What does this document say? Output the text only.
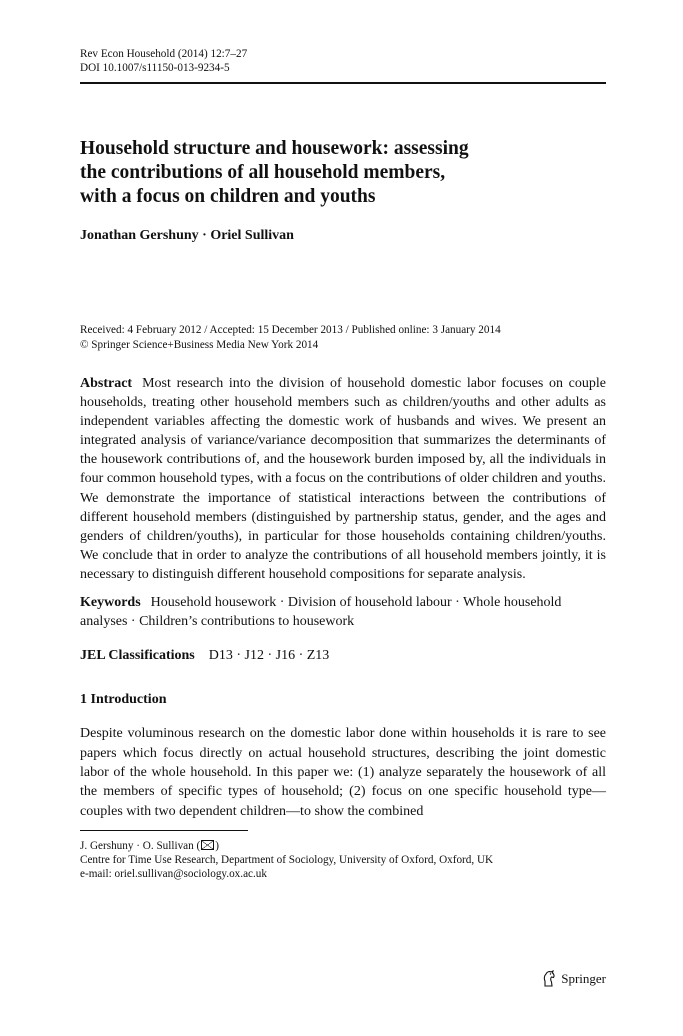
Rev Econ Household (2014) 12:7–27
DOI 10.1007/s11150-013-9234-5
Household structure and housework: assessing
the contributions of all household members,
with a focus on children and youths
Jonathan Gershuny · Oriel Sullivan
Received: 4 February 2012 / Accepted: 15 December 2013 / Published online: 3 January 2014
© Springer Science+Business Media New York 2014
Abstract Most research into the division of household domestic labor focuses on couple households, treating other household members such as children/youths and other adults as independent variables affecting the domestic work of husbands and wives. We present an integrated analysis of variance/variance decomposition that summarizes the determinants of the housework contributions of, and the housework burden imposed by, all the individuals in four common household types, with a focus on the contributions of older children and youths. We demonstrate the importance of statistical interactions between the contributions of different household members (distinguished by partnership status, gender, and the ages and genders of children/youths), in particular for those households containing children/youths. We conclude that in order to analyze the contributions of all household members jointly, it is necessary to distinguish different household compositions for separate analysis.
Keywords Household housework · Division of household labour · Whole household analyses · Children’s contributions to housework
JEL Classifications D13 · J12 · J16 · Z13
1 Introduction
Despite voluminous research on the domestic labor done within households it is rare to see papers which focus directly on actual household structures, describing the joint domestic labor of the whole household. In this paper we: (1) analyze separately the housework of all the members of specific types of household; (2) focus on one specific household type—couples with two dependent children—to show the combined
J. Gershuny · O. Sullivan ( )
Centre for Time Use Research, Department of Sociology, University of Oxford, Oxford, UK
e-mail: oriel.sullivan@sociology.ox.ac.uk
Springer
